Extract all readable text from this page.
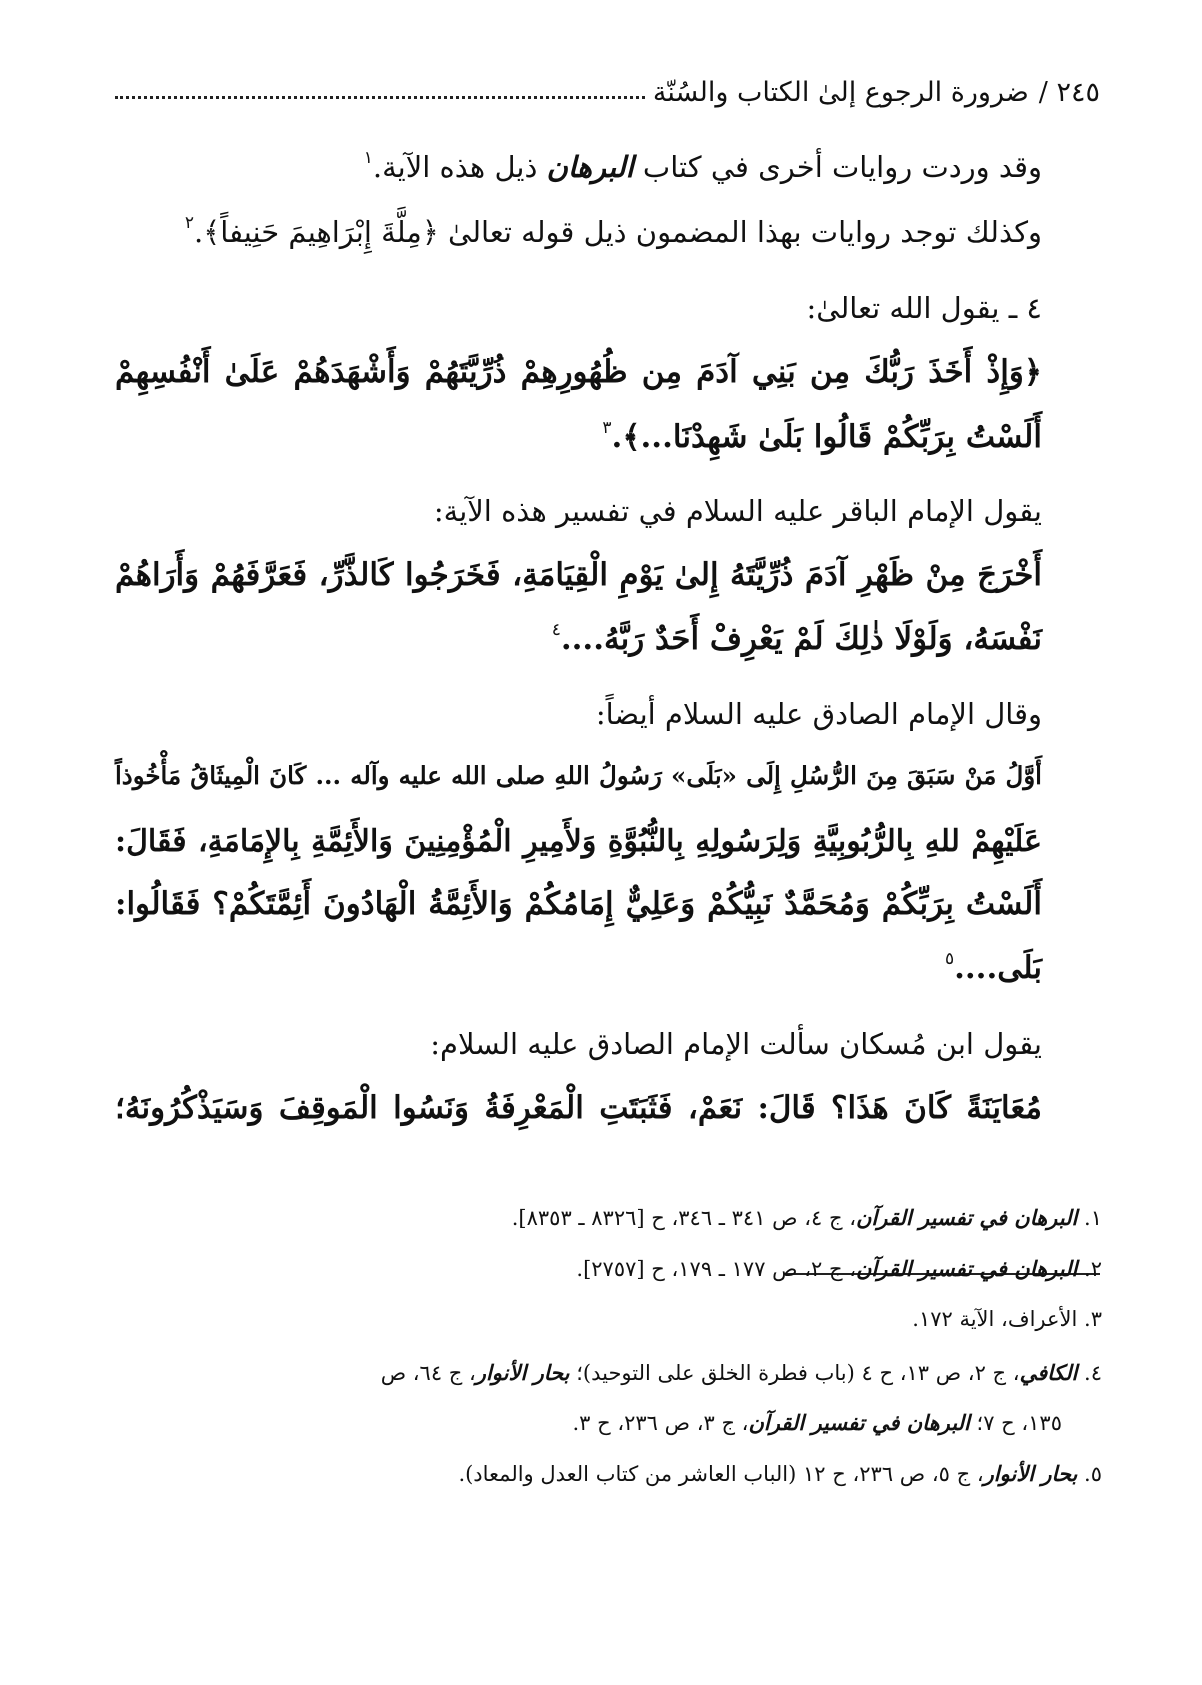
٢٤٥ /
ضرورة الرجوع إلىٰ الكتاب والسُنّة
وقد وردت روايات أخرى في كتاب البرهان ذيل هذه الآية.$^١$
وكذلك توجد روايات بهذا المضمون ذيل قوله تعالىٰ ﴿مِلَّةَ إِبْرَاهِيمَ حَنِيفاً﴾.$^٢$
٤ ـ يقول الله تعالىٰ:
﴿وَإِذْ أَخَذَ رَبُّكَ مِن بَنِي آدَمَ مِن ظُهُورِهِمْ ذُرِّيَّتَهُمْ وَأَشْهَدَهُمْ عَلَىٰ أَنْفُسِهِمْ
أَلَسْتُ بِرَبِّكُمْ قَالُوا بَلَىٰ شَهِدْنَا...﴾.$^٣$
يقول الإمام الباقر عليه السلام في تفسير هذه الآية:
أَخْرَجَ مِنْ ظَهْرِ آدَمَ ذُرِّيَّتَهُ إِلىٰ يَوْمِ الْقِيَامَةِ، فَخَرَجُوا كَالذَّرِّ، فَعَرَّفَهُمْ وَأَرَاهُمْ
نَفْسَهُ، وَلَوْلَا ذٰلِكَ لَمْ يَعْرِفْ أَحَدٌ رَبَّهُ....$^٤$
وقال الإمام الصادق عليه السلام أيضاً:
أَوَّلُ مَنْ سَبَقَ مِنَ الرُّسُلِ إِلَى «بَلَى» رَسُولُ اللهِ صلى الله عليه وآله ... كَانَ الْمِيثَاقُ مَأْخُوذاً
عَلَيْهِمْ للهِ بِالرُّبُوبِيَّةِ وَلِرَسُولِهِ بِالنُّبُوَّةِ وَلأَمِيرِ الْمُؤْمِنِينَ وَالأَئِمَّةِ بِالإِمَامَةِ، فَقَالَ:
أَلَسْتُ بِرَبِّكُمْ وَمُحَمَّدٌ نَبِيُّكُمْ وَعَلِيٌّ إِمَامُكُمْ وَالأَئِمَّةُ الْهَادُونَ أَئِمَّتَكُمْ؟ فَقَالُوا:
بَلَى....$^٥$
يقول ابن مُسكان سألت الإمام الصادق عليه السلام:
مُعَايَنَةً كَانَ هَذَا؟ قَالَ: نَعَمْ، فَثَبَتَتِ الْمَعْرِفَةُ وَنَسُوا الْمَوقِفَ وَسَيَذْكُرُونَهُ؛
١. البرهان في تفسير القرآن، ج ٤، ص ٣٤١ ـ ٣٤٦، ح [٨٣٢٦ ـ ٨٣٥٣].
٢. البرهان في تفسير القرآن، ج ٢، ص ١٧٧ ـ ١٧٩، ح [٢٧٥٧].
٣. الأعراف، الآية ١٧٢.
٤. الكافي، ج ٢، ص ١٣، ح ٤ (باب فطرة الخلق على التوحيد)؛ بحار الأنوار، ج ٦٤، ص
١٣٥، ح ٧؛ البرهان في تفسير القرآن، ج ٣، ص ٢٣٦، ح ٣.
٥. بحار الأنوار، ج ٥، ص ٢٣٦، ح ١٢ (الباب العاشر من كتاب العدل والمعاد).
